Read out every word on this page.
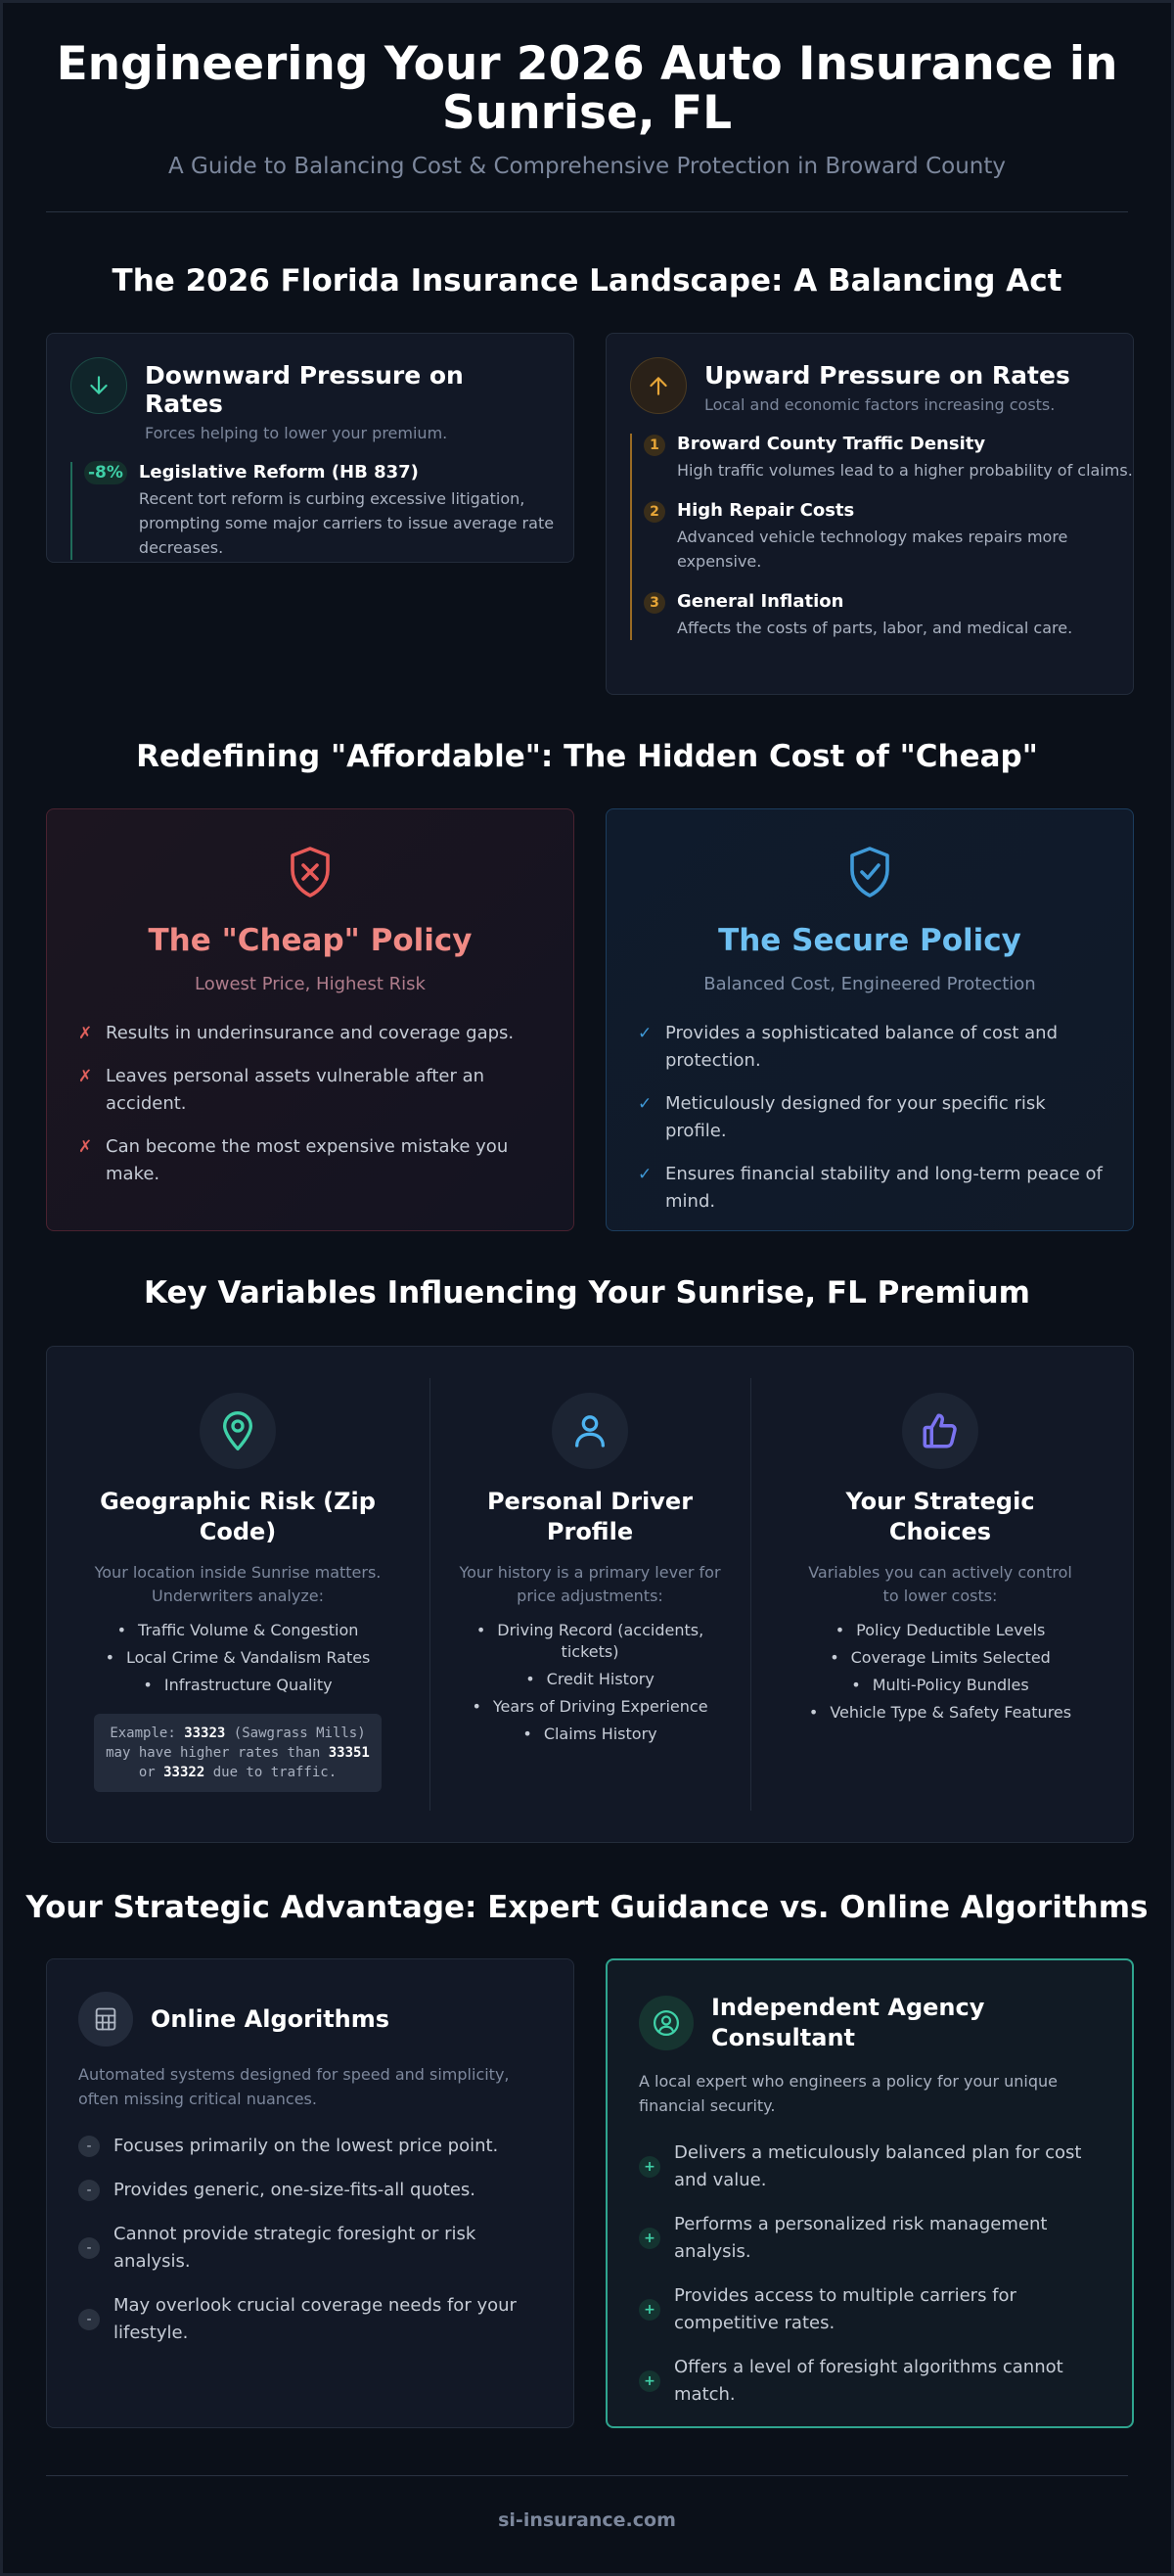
Engineering Your 2026 Auto Insurance in Sunrise, FL
A Guide to Balancing Cost & Comprehensive Protection in Broward County
The 2026 Florida Insurance Landscape: A Balancing Act
Downward Pressure on Rates
Forces helping to lower your premium.
-8% Legislative Reform (HB 837)
Recent tort reform is curbing excessive litigation, prompting some major carriers to issue average rate decreases.
Upward Pressure on Rates
Local and economic factors increasing costs.
1	Broward County Traffic Density
High traffic volumes lead to a higher probability of claims.
2	High Repair Costs
Advanced vehicle technology makes repairs more expensive.
3	General Inflation
Affects the costs of parts, labor, and medical care.
Redefining "Affordable": The Hidden Cost of "Cheap"
The "Cheap" Policy
Lowest Price, Highest Risk
✗ Results in underinsurance and coverage gaps.
✗ Leaves personal assets vulnerable after an accident.
✗ Can become the most expensive mistake you make.
The Secure Policy
Balanced Cost, Engineered Protection
✓ Provides a sophisticated balance of cost and protection.
✓ Meticulously designed for your specific risk profile.
✓ Ensures financial stability and long-term peace of mind.
Key Variables Influencing Your Sunrise, FL Premium
Geographic Risk (Zip Code)
Your location inside Sunrise matters. Underwriters analyze:
• Traffic Volume & Congestion
• Local Crime & Vandalism Rates
• Infrastructure Quality
Example: 33323 (Sawgrass Mills) may have higher rates than 33351 or 33322 due to traffic.
Personal Driver Profile
Your history is a primary lever for price adjustments:
• Driving Record (accidents, tickets)
• Credit History
• Years of Driving Experience
• Claims History
Your Strategic Choices
Variables you can actively control to lower costs:
• Policy Deductible Levels
• Coverage Limits Selected
• Multi-Policy Bundles
• Vehicle Type & Safety Features
Your Strategic Advantage: Expert Guidance vs. Online Algorithms
Online Algorithms
Automated systems designed for speed and simplicity, often missing critical nuances.
-	Focuses primarily on the lowest price point.
-	Provides generic, one-size-fits-all quotes.
-
Cannot provide strategic foresight or risk analysis.
-
May overlook crucial coverage needs for your lifestyle.
Independent Agency Consultant
A local expert who engineers a policy for your unique financial security.
+
Delivers a meticulously balanced plan for cost and value.
+
Performs a personalized risk management analysis.
+
Provides access to multiple carriers for competitive rates.
+
Offers a level of foresight algorithms cannot match.
si-insurance.com
